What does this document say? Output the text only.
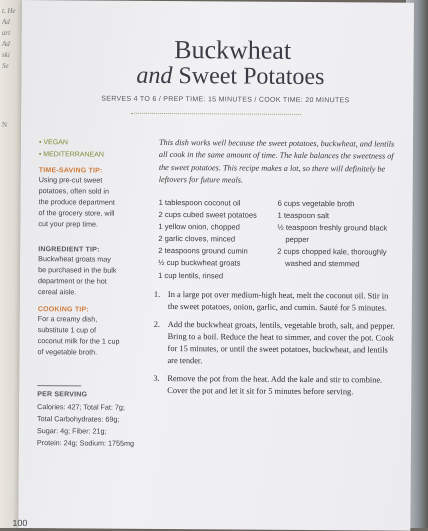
t. He
Ad
art
Ad
ski
Se
N
Buckwheat
and Sweet Potatoes
SERVES 4 TO 6 / PREP TIME: 15 MINUTES / COOK TIME: 20 MINUTES
• VEGAN
• MEDITERRANEAN
TIME-SAVING TIP:
Using pre-cut sweet potatoes, often sold in the produce department of the grocery store, will cut your prep time.
INGREDIENT TIP:
Buckwheat groats may be purchased in the bulk department or the hot cereal aisle.
COOKING TIP:
For a creamy dish, substitute 1 cup of coconut milk for the 1 cup of vegetable broth.
PER SERVING
Calories: 427; Total Fat: 7g;
Total Carbohydrates: 69g;
Sugar: 4g; Fiber: 21g;
Protein: 24g; Sodium: 1755mg
This dish works well because the sweet potatoes, buckwheat, and lentils all cook in the same amount of time. The kale balances the sweetness of the sweet potatoes. This recipe makes a lot, so there will definitely be leftovers for future meals.
1 tablespoon coconut oil
2 cups cubed sweet potatoes
1 yellow onion, chopped
2 garlic cloves, minced
2 teaspoons ground cumin
½ cup buckwheat groats
1 cup lentils, rinsed
6 cups vegetable broth
1 teaspoon salt
½ teaspoon freshly ground black pepper
2 cups chopped kale, thoroughly washed and stemmed
1. In a large pot over medium-high heat, melt the coconut oil. Stir in the sweet potatoes, onion, garlic, and cumin. Sauté for 5 minutes.
2. Add the buckwheat groats, lentils, vegetable broth, salt, and pepper. Bring to a boil. Reduce the heat to simmer, and cover the pot. Cook for 15 minutes, or until the sweet potatoes, buckwheat, and lentils are tender.
3. Remove the pot from the heat. Add the kale and stir to combine. Cover the pot and let it sit for 5 minutes before serving.
100
